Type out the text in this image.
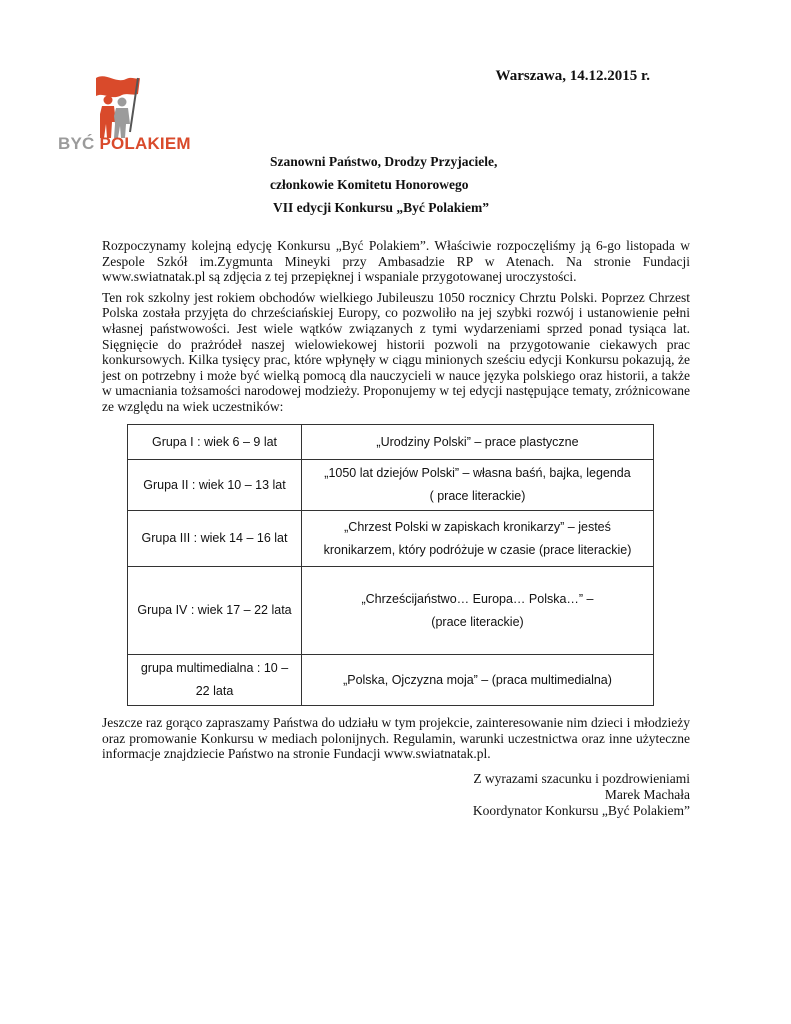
Warszawa, 14.12.2015 r.
BYĆ POLAKIEM
Szanowni Państwo, Drodzy Przyjaciele,
członkowie Komitetu Honorowego
VII edycji Konkursu „Być Polakiem”

Rozpoczynamy kolejną edycję Konkursu „Być Polakiem”. Właściwie rozpoczęliśmy ją 6-go listopada w Zespole Szkół im.Zygmunta Mineyki przy Ambasadzie RP w Atenach. Na stronie Fundacji www.swiatnatak.pl są zdjęcia z tej przepięknej i wspaniale przygotowanej uroczystości.

Ten rok szkolny jest rokiem obchodów wielkiego Jubileuszu 1050 rocznicy Chrztu Polski. Poprzez Chrzest Polska została przyjęta do chrześciańskiej Europy, co pozwoliło na jej szybki rozwój i ustanowienie pełni własnej państwowości. Jest wiele wątków związanych z tymi wydarzeniami sprzed ponad tysiąca lat. Sięgnięcie do prażródeł naszej wielowiekowej historii pozwoli na przygotowanie ciekawych prac konkursowych. Kilka tysięcy prac, które wpłynęły w ciągu minionych sześciu edycji Konkursu pokazują, że jest on potrzebny i może być wielką pomocą dla nauczycieli w nauce języka polskiego oraz historii, a także w umacniania tożsamości narodowej modzieży. Proponujemy w tej edycji następujące tematy, zróżnicowane ze względu na wiek uczestników:

Grupa I : wiek 6 – 9 lat	„Urodziny Polski” – prace plastyczne

Grupa II : wiek 10 – 13 lat	„1050 lat dziejów Polski” – własna baśń, bajka, legenda
( prace literackie)

Grupa III : wiek 14 – 16 lat	„Chrzest Polski w zapiskach kronikarzy” – jesteś
kronikarzem, który podróżuje w czasie (prace literackie)

Grupa IV : wiek 17 – 22 lata	„Chrześcijaństwo… Europa… Polska…” –
(prace literackie)

grupa multimedialna : 10 – 22 lata	„Polska, Ojczyzna moja” – (praca multimedialna)
Jeszcze raz gorąco zapraszamy Państwa do udziału w tym projekcie, zainteresowanie nim dzieci i młodzieży oraz promowanie Konkursu w mediach polonijnych. Regulamin, warunki uczestnictwa oraz inne użyteczne informacje znajdziecie Państwo na stronie Fundacji www.swiatnatak.pl.
Z wyrazami szacunku i pozdrowieniami
Marek Machała
Koordynator Konkursu „Być Polakiem”
